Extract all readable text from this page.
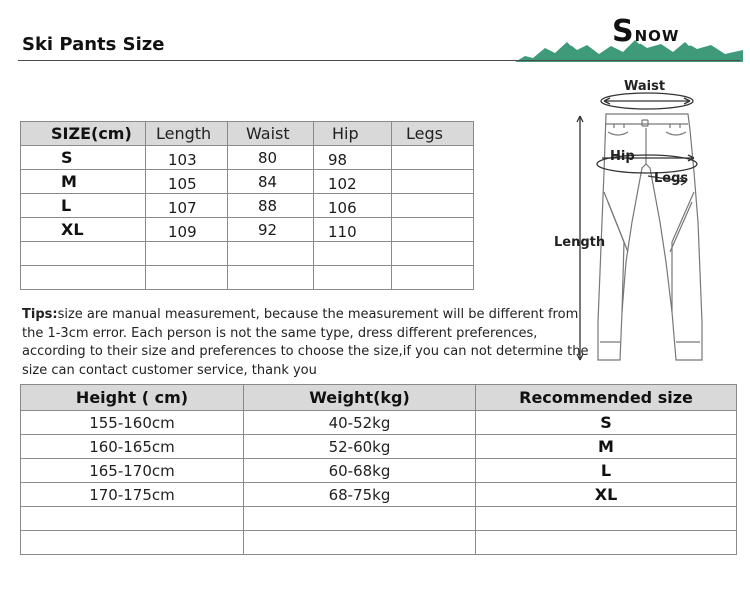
Ski Pants Size	SNOW
SIZE(cm)	Length	Waist	Hip	Legs
S	103	80	98	
M	105	84	102	
L	107	88	106	
XL	109	92	110	

Tips:size are manual measurement, because the measurement will be different from the 1-3cm error. Each person is not the same type, dress different preferences, according to their size and preferences to choose the size,if you can not determine the size can contact customer service, thank you
Waist
Hip
Legs
Length
Height ( cm)	Weight(kg)	Recommended size
155-160cm	40-52kg	S
160-165cm	52-60kg	M
165-170cm	60-68kg	L
170-175cm	68-75kg	XL
